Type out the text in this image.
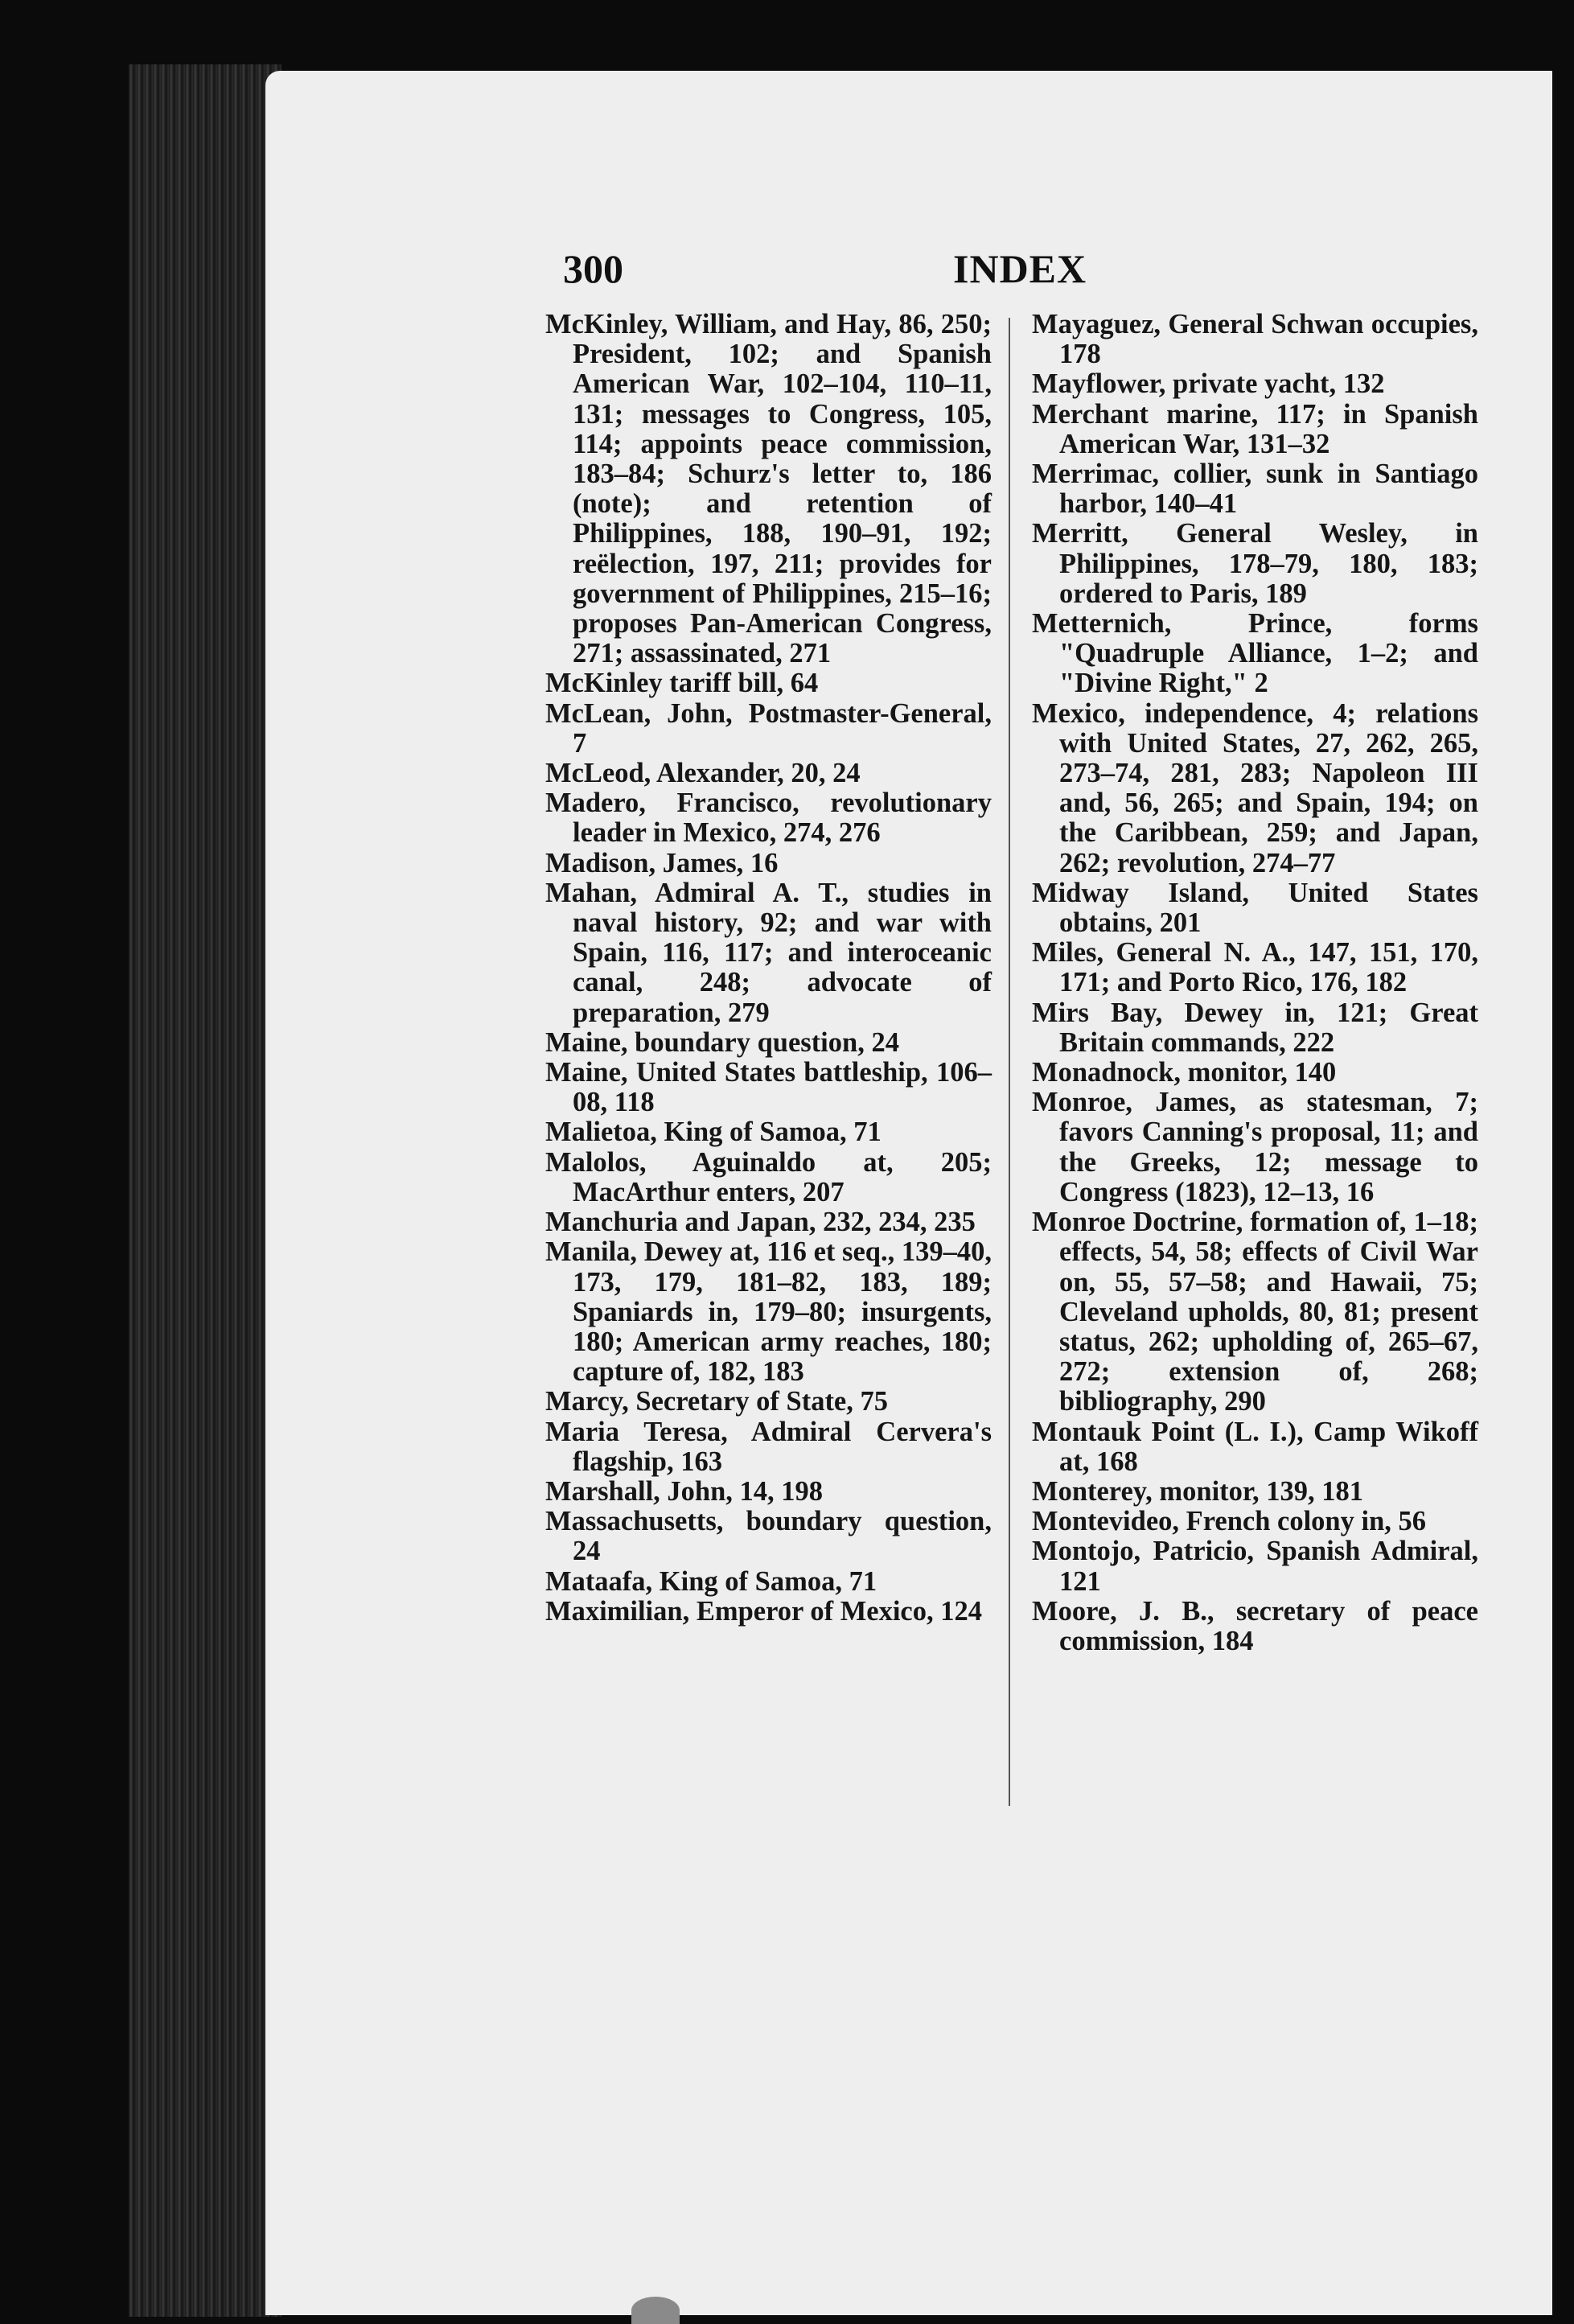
300	INDEX

McKinley, William, and Hay, 86, 250; President, 102; and Spanish American War, 102–104, 110–11, 131; messages to Congress, 105, 114; appoints peace commission, 183–84; Schurz's letter to, 186 (note); and retention of Philippines, 188, 190–91, 192; reëlection, 197, 211; provides for government of Philippines, 215–16; proposes Pan-American Congress, 271; assassinated, 271

McKinley tariff bill, 64

McLean, John, Postmaster-General, 7

McLeod, Alexander, 20, 24

Madero, Francisco, revolutionary leader in Mexico, 274, 276

Madison, James, 16

Mahan, Admiral A. T., studies in naval history, 92; and war with Spain, 116, 117; and interoceanic canal, 248; advocate of preparation, 279

Maine, boundary question, 24

Maine, United States battleship, 106–08, 118

Malietoa, King of Samoa, 71

Malolos, Aguinaldo at, 205; MacArthur enters, 207

Manchuria and Japan, 232, 234, 235

Manila, Dewey at, 116 et seq., 139–40, 173, 179, 181–82, 183, 189; Spaniards in, 179–80; insurgents, 180; American army reaches, 180; capture of, 182, 183

Marcy, Secretary of State, 75

Maria Teresa, Admiral Cervera's flagship, 163

Marshall, John, 14, 198

Massachusetts, boundary question, 24

Mataafa, King of Samoa, 71

Maximilian, Emperor of Mexico, 124

Mayaguez, General Schwan occupies, 178

Mayflower, private yacht, 132

Merchant marine, 117; in Spanish American War, 131–32

Merrimac, collier, sunk in Santiago harbor, 140–41

Merritt, General Wesley, in Philippines, 178–79, 180, 183; ordered to Paris, 189

Metternich, Prince, forms "Quadruple Alliance, 1–2; and "Divine Right," 2

Mexico, independence, 4; relations with United States, 27, 262, 265, 273–74, 281, 283; Napoleon III and, 56, 265; and Spain, 194; on the Caribbean, 259; and Japan, 262; revolution, 274–77

Midway Island, United States obtains, 201

Miles, General N. A., 147, 151, 170, 171; and Porto Rico, 176, 182

Mirs Bay, Dewey in, 121; Great Britain commands, 222

Monadnock, monitor, 140

Monroe, James, as statesman, 7; favors Canning's proposal, 11; and the Greeks, 12; message to Congress (1823), 12–13, 16

Monroe Doctrine, formation of, 1–18; effects, 54, 58; effects of Civil War on, 55, 57–58; and Hawaii, 75; Cleveland upholds, 80, 81; present status, 262; upholding of, 265–67, 272; extension of, 268; bibliography, 290

Montauk Point (L. I.), Camp Wikoff at, 168

Monterey, monitor, 139, 181

Montevideo, French colony in, 56

Montojo, Patricio, Spanish Admiral, 121

Moore, J. B., secretary of peace commission, 184
